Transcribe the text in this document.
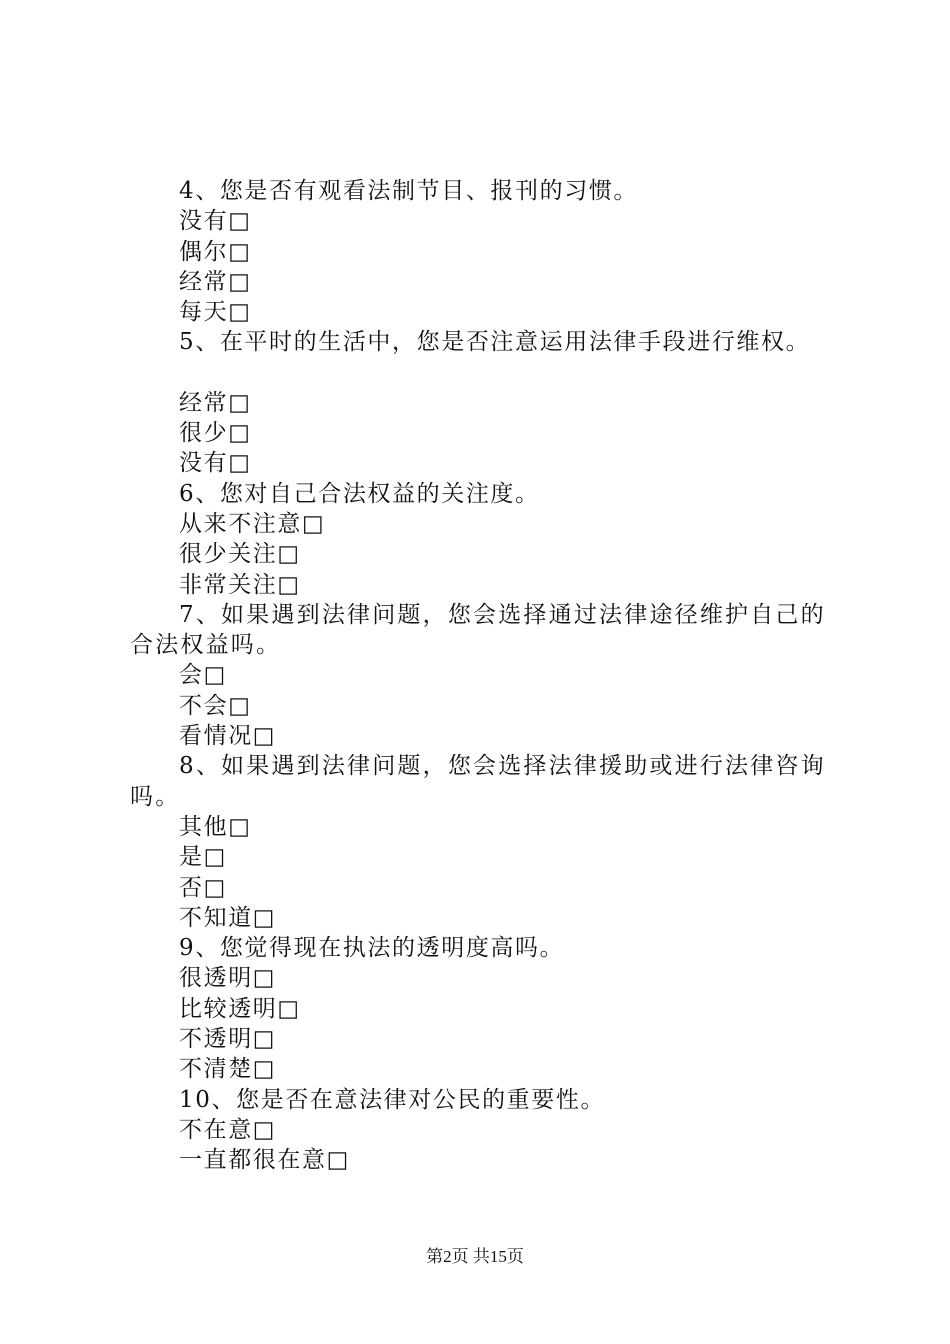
4、您是否有观看法制节目、报刊的习惯。
没有□
偶尔□
经常□
每天□
5、在平时的生活中，您是否注意运用法律手段进行维权。
经常□
很少□
没有□
6、您对自己合法权益的关注度。
从来不注意□
很少关注□
非常关注□
7、如果遇到法律问题，您会选择通过法律途径维护自己的合法权益吗。
会□
不会□
看情况□
8、如果遇到法律问题，您会选择法律援助或进行法律咨询吗。
其他□
是□
否□
不知道□
9、您觉得现在执法的透明度高吗。
很透明□
比较透明□
不透明□
不清楚□
10、您是否在意法律对公民的重要性。
不在意□
一直都很在意□
第2页 共15页
